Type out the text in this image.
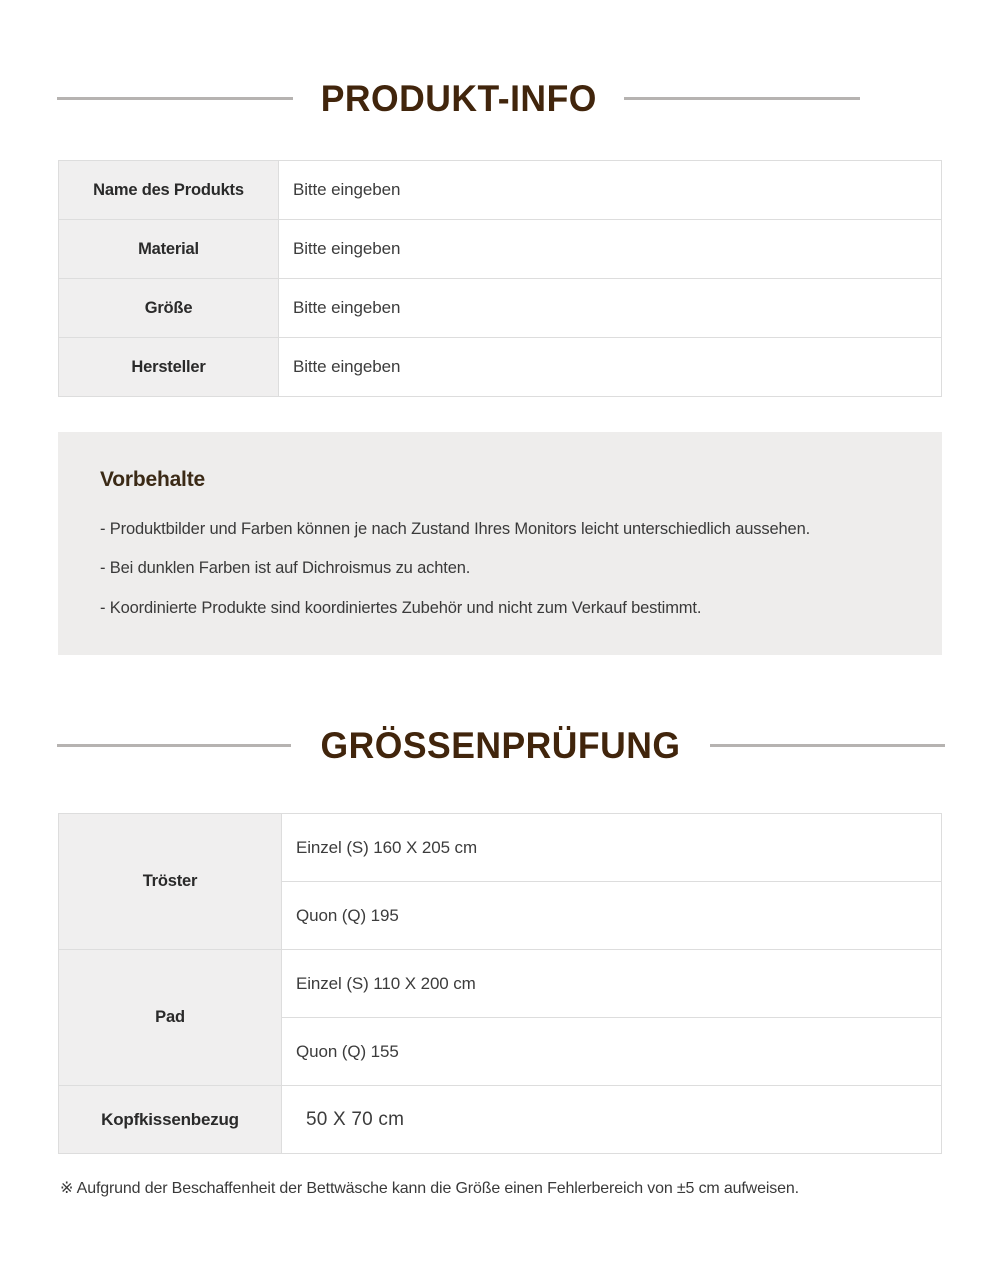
PRODUKT-INFO
Name des Produkts	Bitte eingeben
Material	Bitte eingeben
Größe	Bitte eingeben
Hersteller	Bitte eingeben
Vorbehalte
- Produktbilder und Farben können je nach Zustand Ihres Monitors leicht unterschiedlich aussehen.
- Bei dunklen Farben ist auf Dichroismus zu achten.
- Koordinierte Produkte sind koordiniertes Zubehör und nicht zum Verkauf bestimmt.
GRÖSSENPRÜFUNG
Tröster	Einzel (S) 160 X 205 cm
	Quon (Q) 195
Pad	Einzel (S) 110 X 200 cm
	Quon (Q) 155
Kopfkissenbezug	50 X 70 cm
※ Aufgrund der Beschaffenheit der Bettwäsche kann die Größe einen Fehlerbereich von ±5 cm aufweisen.
